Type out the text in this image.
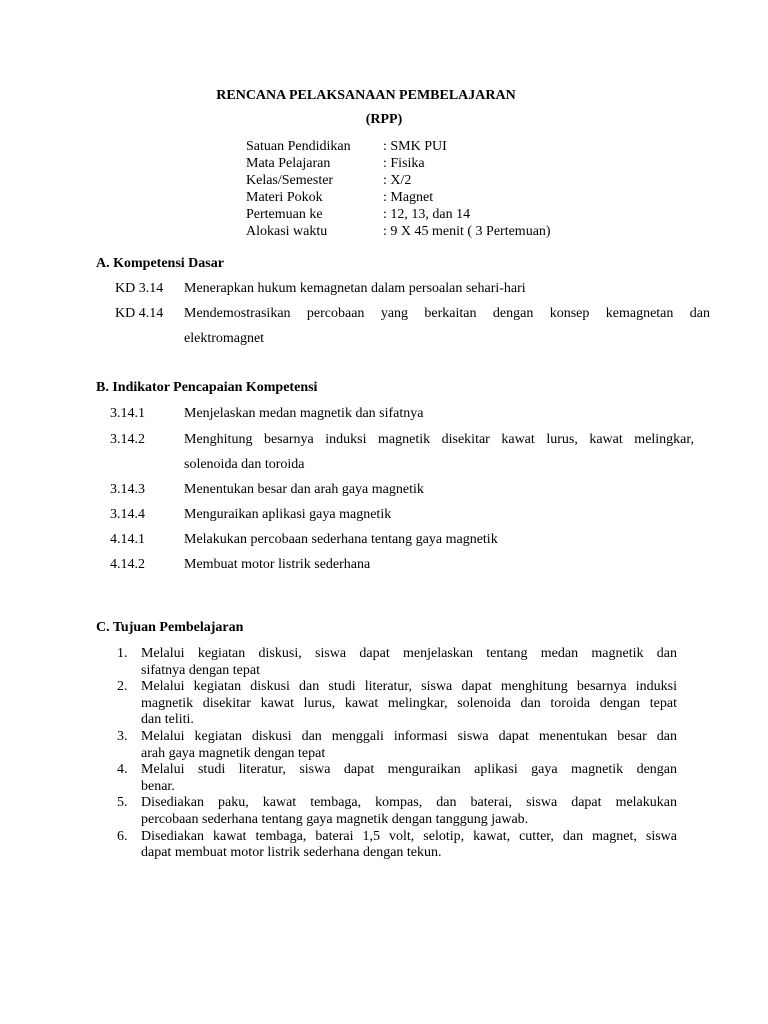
RENCANA PELAKSANAAN PEMBELAJARAN
(RPP)
Satuan Pendidikan	: SMK PUI
Mata Pelajaran	: Fisika
Kelas/Semester	: X/2
Materi Pokok	: Magnet
Pertemuan ke	: 12, 13, dan 14
Alokasi waktu	: 9 X 45 menit ( 3 Pertemuan)
A. Kompetensi Dasar
KD 3.14 Menerapkan hukum kemagnetan dalam persoalan sehari-hari
KD 4.14 Mendemostrasikan percobaan yang berkaitan dengan konsep kemagnetan dan
elektromagnet
B. Indikator Pencapaian Kompetensi
3.14.1	Menjelaskan medan magnetik dan sifatnya
3.14.2	Menghitung besarnya induksi magnetik disekitar kawat lurus, kawat melingkar,
solenoida dan toroida
3.14.3	Menentukan besar dan arah gaya magnetik
3.14.4	Menguraikan aplikasi gaya magnetik
4.14.1	Melakukan percobaan sederhana tentang gaya magnetik
4.14.2	Membuat motor listrik sederhana
C. Tujuan Pembelajaran
1. Melalui kegiatan diskusi, siswa dapat menjelaskan tentang medan magnetik dan
sifatnya dengan tepat
2. Melalui kegiatan diskusi dan studi literatur, siswa dapat menghitung besarnya induksi
magnetik disekitar kawat lurus, kawat melingkar, solenoida dan toroida dengan tepat
dan teliti.
3. Melalui kegiatan diskusi dan menggali informasi siswa dapat menentukan besar dan
arah gaya magnetik dengan tepat
4. Melalui studi literatur, siswa dapat menguraikan aplikasi gaya magnetik dengan
benar.
5. Disediakan paku, kawat tembaga, kompas, dan baterai, siswa dapat melakukan
percobaan sederhana tentang gaya magnetik dengan tanggung jawab.
6. Disediakan kawat tembaga, baterai 1,5 volt, selotip, kawat, cutter, dan magnet, siswa
dapat membuat motor listrik sederhana dengan tekun.
